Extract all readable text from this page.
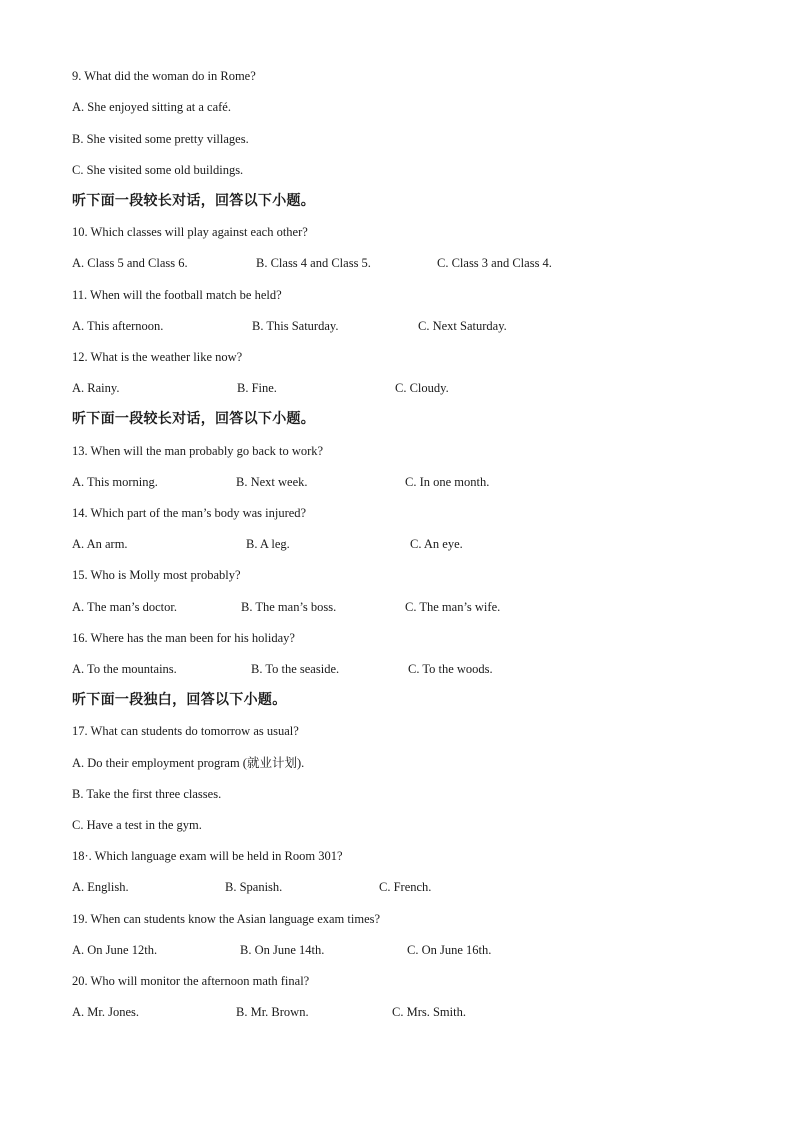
9. What did the woman do in Rome?
A. She enjoyed sitting at a café.
B. She visited some pretty villages.
C. She visited some old buildings.
听下面一段较长对话，回答以下小题。
10. Which classes will play against each other?
A. Class 5 and Class 6.	B. Class 4 and Class 5.	C. Class 3 and Class 4.
11. When will the football match be held?
A. This afternoon.	B. This Saturday.	C. Next Saturday.
12. What is the weather like now?
A. Rainy.	B. Fine.	C. Cloudy.
听下面一段较长对话，回答以下小题。
13. When will the man probably go back to work?
A. This morning.	B. Next week.	C. In one month.
14. Which part of the man’s body was injured?
A. An arm.	B. A leg.	C. An eye.
15. Who is Molly most probably?
A. The man’s doctor.	B. The man’s boss.	C. The man’s wife.
16. Where has the man been for his holiday?
A. To the mountains.	B. To the seaside.	C. To the woods.
听下面一段独白，回答以下小题。
17. What can students do tomorrow as usual?
A. Do their employment program (就业计划).
B. Take the first three classes.
C. Have a test in the gym.
18·. Which language exam will be held in Room 301?
A. English.	B. Spanish.	C. French.
19. When can students know the Asian language exam times?
A. On June 12th.	B. On June 14th.	C. On June 16th.
20. Who will monitor the afternoon math final?
A. Mr. Jones.	B. Mr. Brown.	C. Mrs. Smith.
